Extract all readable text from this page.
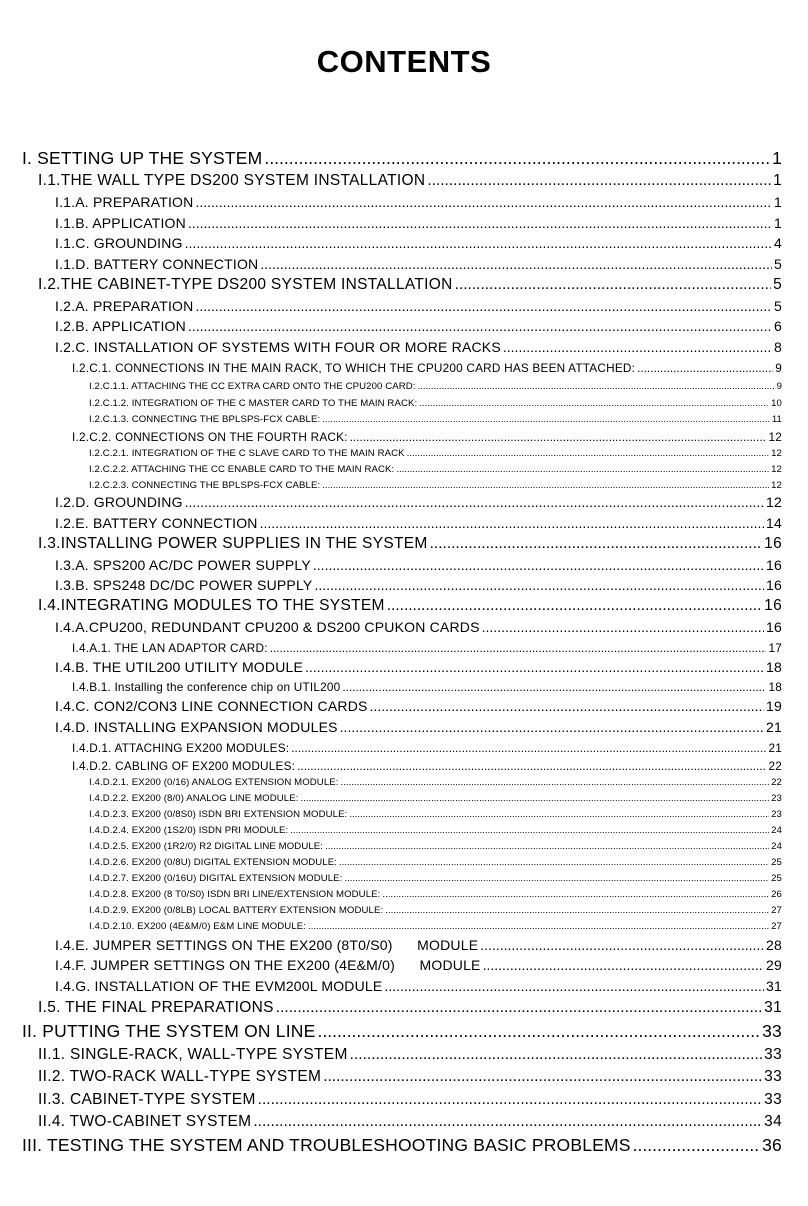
CONTENTS
I. SETTING UP THE SYSTEM .....	1
I.1.THE WALL TYPE DS200 SYSTEM INSTALLATION .....	1
I.1.A. PREPARATION .....	1
I.1.B. APPLICATION .....	1
I.1.C. GROUNDING .....	4
I.1.D. BATTERY CONNECTION .....	5
I.2.THE CABINET-TYPE DS200 SYSTEM INSTALLATION .....	5
I.2.A. PREPARATION .....	5
I.2.B. APPLICATION .....	6
I.2.C. INSTALLATION OF SYSTEMS WITH FOUR OR MORE RACKS .....	8
I.2.C.1. CONNECTIONS IN THE MAIN RACK, TO WHICH THE CPU200 CARD HAS BEEN ATTACHED: .....	9
I.2.C.1.1. ATTACHING THE CC EXTRA CARD ONTO THE CPU200 CARD: .....	9
I.2.C.1.2. INTEGRATION OF THE C MASTER CARD TO THE MAIN RACK: .....	10
I.2.C.1.3. CONNECTING THE BPLSPS-FCX CABLE: .....	11
I.2.C.2. CONNECTIONS ON THE FOURTH RACK: .....	12
I.2.C.2.1. INTEGRATION OF THE C SLAVE CARD TO THE MAIN RACK .....	12
I.2.C.2.2. ATTACHING THE CC ENABLE CARD TO THE MAIN RACK: .....	12
I.2.C.2.3. CONNECTING THE BPLSPS-FCX CABLE: .....	12
I.2.D. GROUNDING .....	12
I.2.E. BATTERY CONNECTION .....	14
I.3.INSTALLING POWER SUPPLIES IN THE SYSTEM .....	16
I.3.A. SPS200 AC/DC POWER SUPPLY .....	16
I.3.B. SPS248 DC/DC POWER SUPPLY .....	16
I.4.INTEGRATING MODULES TO THE SYSTEM .....	16
I.4.A.CPU200, REDUNDANT CPU200 & DS200 CPUKON CARDS .....	16
I.4.A.1. THE LAN ADAPTOR CARD: .....	17
I.4.B. THE UTIL200 UTILITY MODULE .....	18
I.4.B.1. Installing the conference chip on UTIL200 .....	18
I.4.C. CON2/CON3 LINE CONNECTION CARDS .....	19
I.4.D. INSTALLING EXPANSION MODULES .....	21
I.4.D.1. ATTACHING EX200 MODULES: .....	21
I.4.D.2. CABLING OF EX200 MODULES: .....	22
I.4.D.2.1. EX200 (0/16) ANALOG EXTENSION MODULE: .....	22
I.4.D.2.2. EX200 (8/0) ANALOG LINE MODULE: .....	23
I.4.D.2.3. EX200 (0/8S0) ISDN BRI EXTENSION MODULE: .....	23
I.4.D.2.4. EX200 (1S2/0) ISDN PRI MODULE: .....	24
I.4.D.2.5. EX200 (1R2/0) R2 DIGITAL LINE MODULE: .....	24
I.4.D.2.6. EX200 (0/8U) DIGITAL EXTENSION MODULE: .....	25
I.4.D.2.7. EX200 (0/16U) DIGITAL EXTENSION MODULE: .....	25
I.4.D.2.8. EX200 (8 T0/S0) ISDN BRI LINE/EXTENSION MODULE: .....	26
I.4.D.2.9. EX200 (0/8LB) LOCAL BATTERY EXTENSION MODULE: .....	27
I.4.D.2.10. EX200 (4E&M/0) E&M LINE MODULE: .....	27
I.4.E. JUMPER SETTINGS ON THE EX200 (8T0/S0)      MODULE .....	28
I.4.F. JUMPER SETTINGS ON THE EX200 (4E&M/0)      MODULE .....	29
I.4.G. INSTALLATION OF THE EVM200L MODULE .....	31
I.5. THE FINAL PREPARATIONS .....	31
II. PUTTING THE SYSTEM ON LINE .....	33
II.1. SINGLE-RACK, WALL-TYPE SYSTEM .....	33
II.2. TWO-RACK WALL-TYPE SYSTEM .....	33
II.3. CABINET-TYPE SYSTEM .....	33
II.4. TWO-CABINET SYSTEM .....	34
III. TESTING THE SYSTEM AND TROUBLESHOOTING BASIC PROBLEMS .....	36
